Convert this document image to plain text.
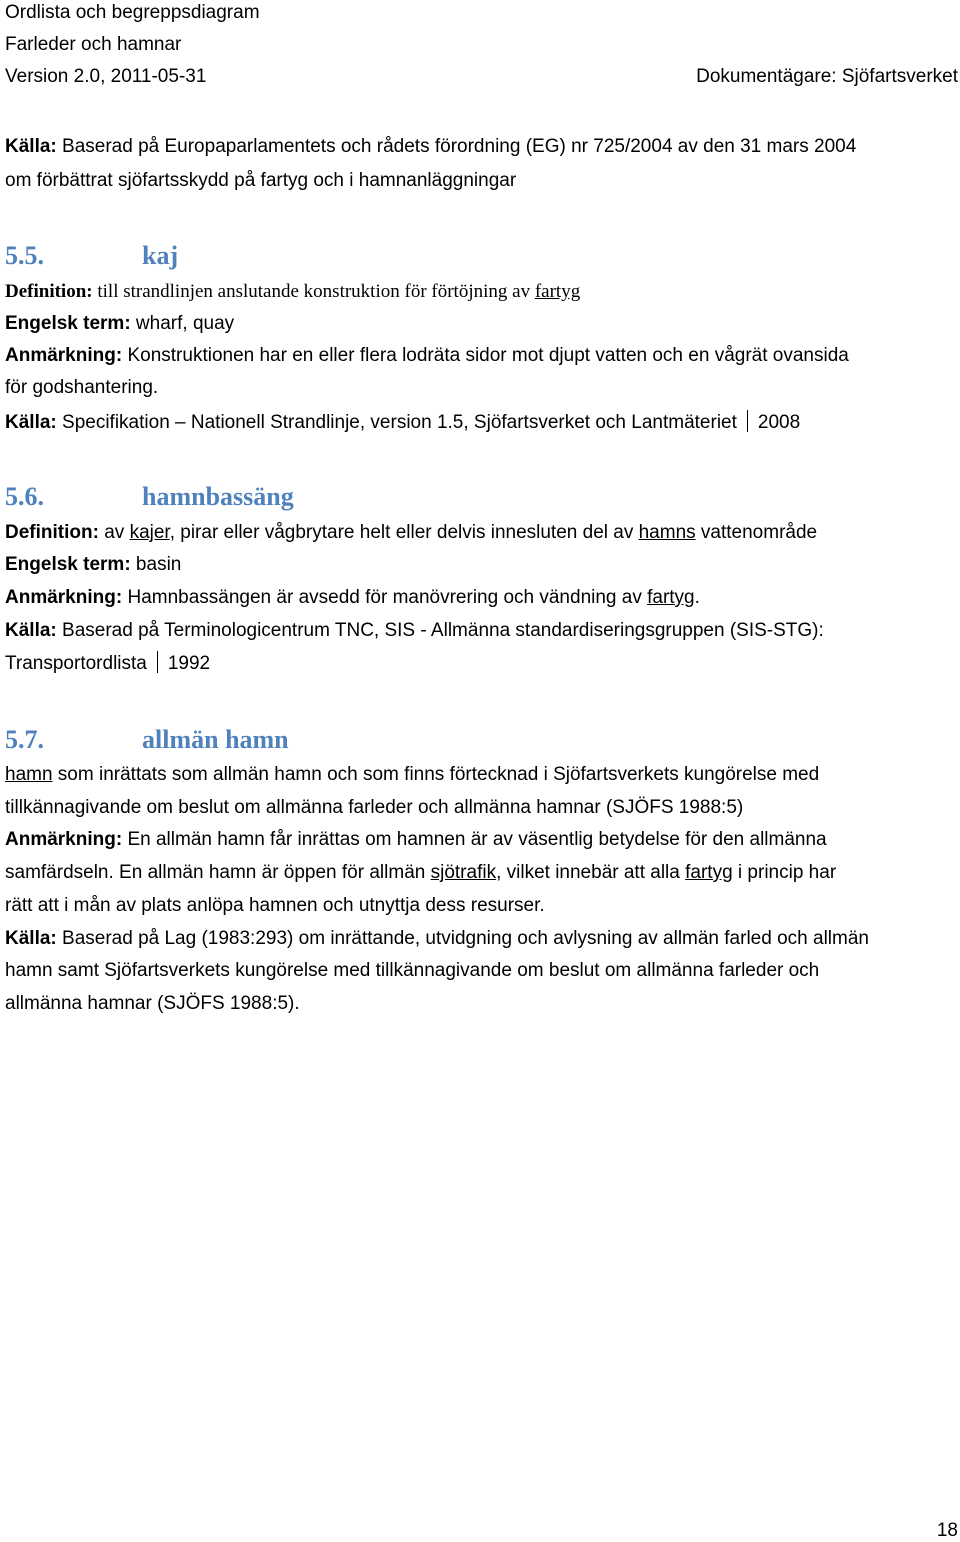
Ordlista och begreppsdiagram
Farleder och hamnar
Version 2.0, 2011-05-31	Dokumentägare: Sjöfartsverket
Källa: Baserad på Europaparlamentets och rådets förordning (EG) nr 725/2004 av den 31 mars 2004
om förbättrat sjöfartsskydd på fartyg och i hamnanläggningar
5.5.	kaj
Definition: till strandlinjen anslutande konstruktion för förtöjning av fartyg
Engelsk term: wharf, quay
Anmärkning: Konstruktionen har en eller flera lodräta sidor mot djupt vatten och en vågrät ovansida
för godshantering.
Källa: Specifikation – Nationell Strandlinje, version 1.5, Sjöfartsverket och Lantmäteriet 2008
5.6.	hamnbassäng
Definition: av kajer, pirar eller vågbrytare helt eller delvis innesluten del av hamns vattenområde
Engelsk term: basin
Anmärkning: Hamnbassängen är avsedd för manövrering och vändning av fartyg.
Källa: Baserad på Terminologicentrum TNC, SIS - Allmänna standardiseringsgruppen (SIS-STG):
Transportordlista 1992
5.7.	allmän hamn
hamn som inrättats som allmän hamn och som finns förtecknad i Sjöfartsverkets kungörelse med
tillkännagivande om beslut om allmänna farleder och allmänna hamnar (SJÖFS 1988:5)
Anmärkning: En allmän hamn får inrättas om hamnen är av väsentlig betydelse för den allmänna
samfärdseln. En allmän hamn är öppen för allmän sjötrafik, vilket innebär att alla fartyg i princip har
rätt att i mån av plats anlöpa hamnen och utnyttja dess resurser.
Källa: Baserad på Lag (1983:293) om inrättande, utvidgning och avlysning av allmän farled och allmän
hamn samt Sjöfartsverkets kungörelse med tillkännagivande om beslut om allmänna farleder och
allmänna hamnar (SJÖFS 1988:5).
18
